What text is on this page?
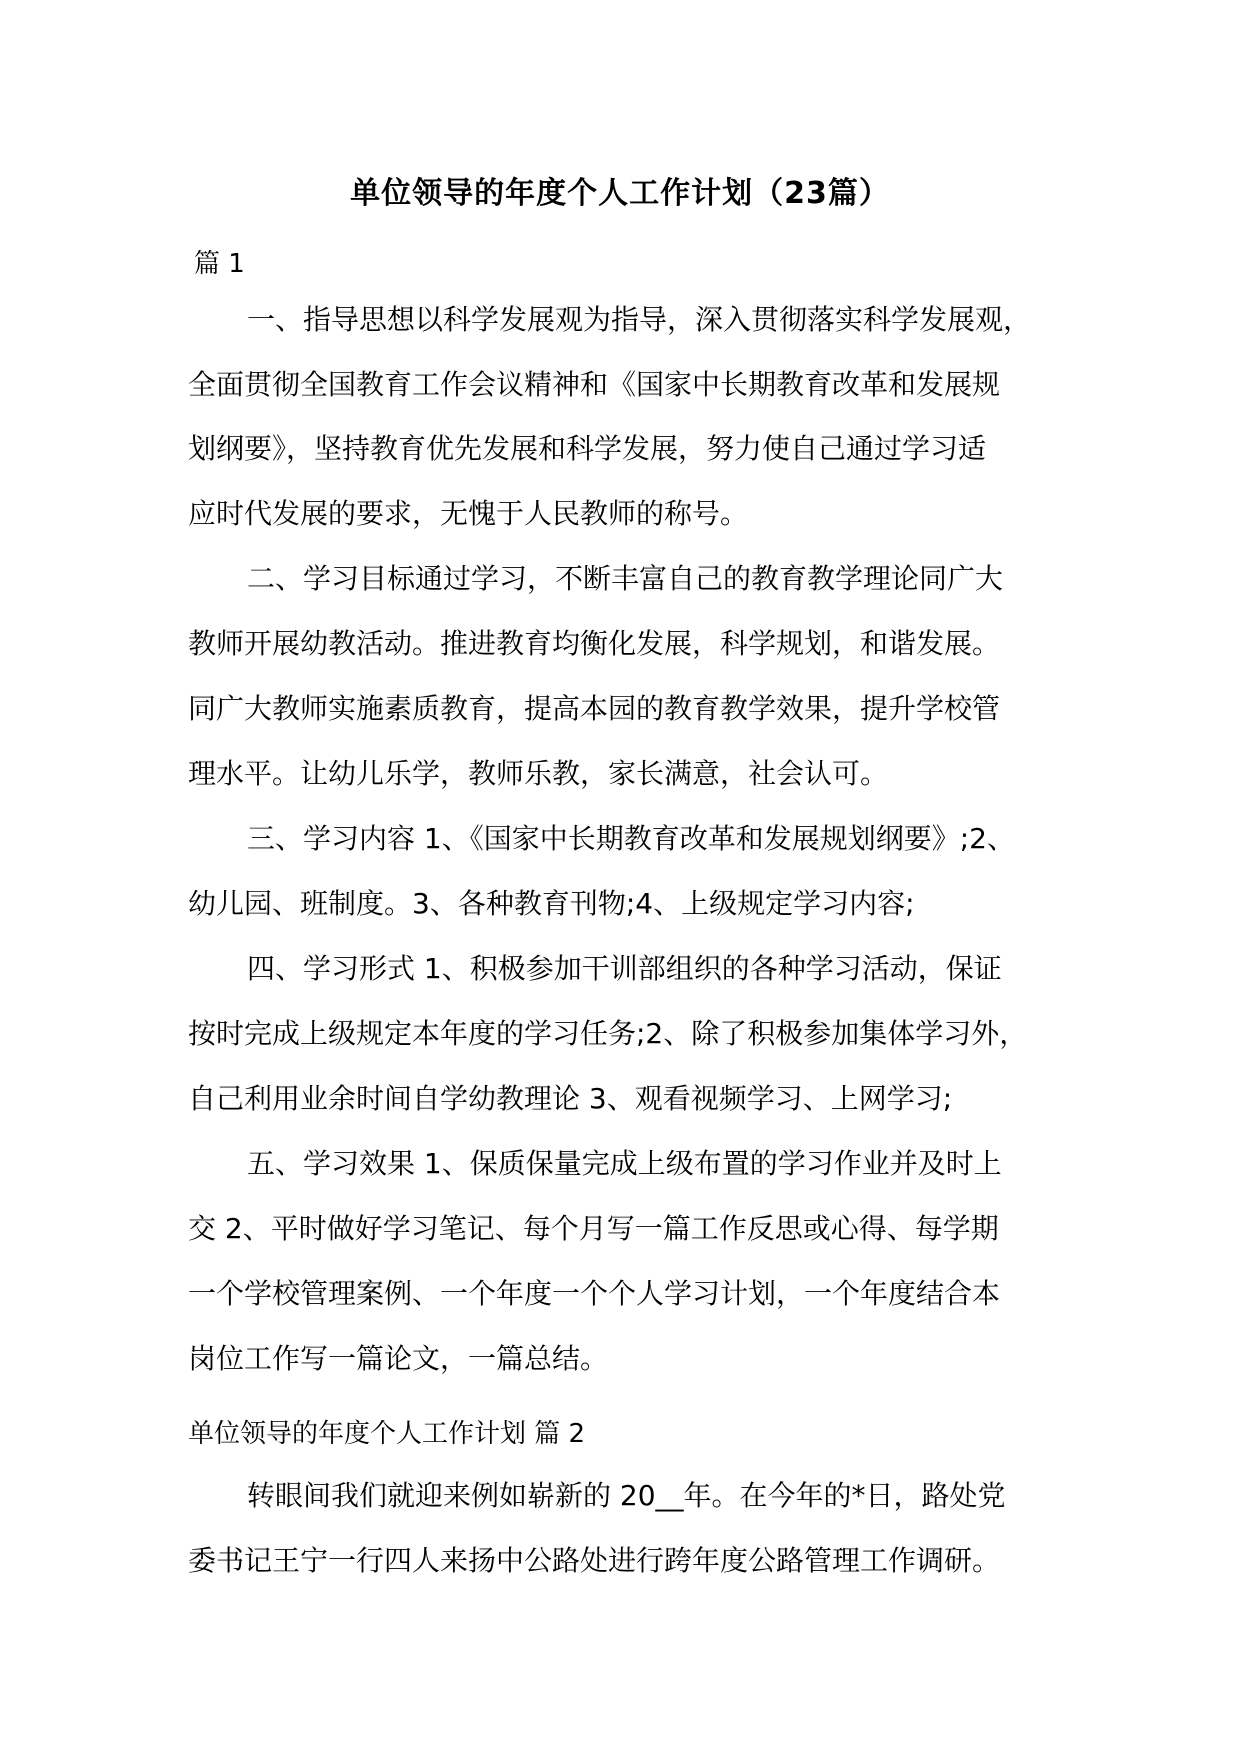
单位领导的年度个人工作计划（23篇）
篇 1
一、指导思想以科学发展观为指导，深入贯彻落实科学发展观，
全面贯彻全国教育工作会议精神和《国家中长期教育改革和发展规
划纲要》，坚持教育优先发展和科学发展，努力使自己通过学习适
应时代发展的要求，无愧于人民教师的称号。
二、学习目标通过学习，不断丰富自己的教育教学理论同广大
教师开展幼教活动。推进教育均衡化发展，科学规划，和谐发展。
同广大教师实施素质教育，提高本园的教育教学效果，提升学校管
理水平。让幼儿乐学，教师乐教，家长满意，社会认可。
三、学习内容 1、《国家中长期教育改革和发展规划纲要》;2、
幼儿园、班制度。3、各种教育刊物;4、上级规定学习内容;
四、学习形式 1、积极参加干训部组织的各种学习活动，保证
按时完成上级规定本年度的学习任务;2、除了积极参加集体学习外，
自己利用业余时间自学幼教理论 3、观看视频学习、上网学习;
五、学习效果 1、保质保量完成上级布置的学习作业并及时上
交 2、平时做好学习笔记、每个月写一篇工作反思或心得、每学期
一个学校管理案例、一个年度一个个人学习计划，一个年度结合本
岗位工作写一篇论文，一篇总结。
单位领导的年度个人工作计划 篇 2
转眼间我们就迎来例如崭新的 20__年。在今年的*日，路处党
委书记王宁一行四人来扬中公路处进行跨年度公路管理工作调研。
